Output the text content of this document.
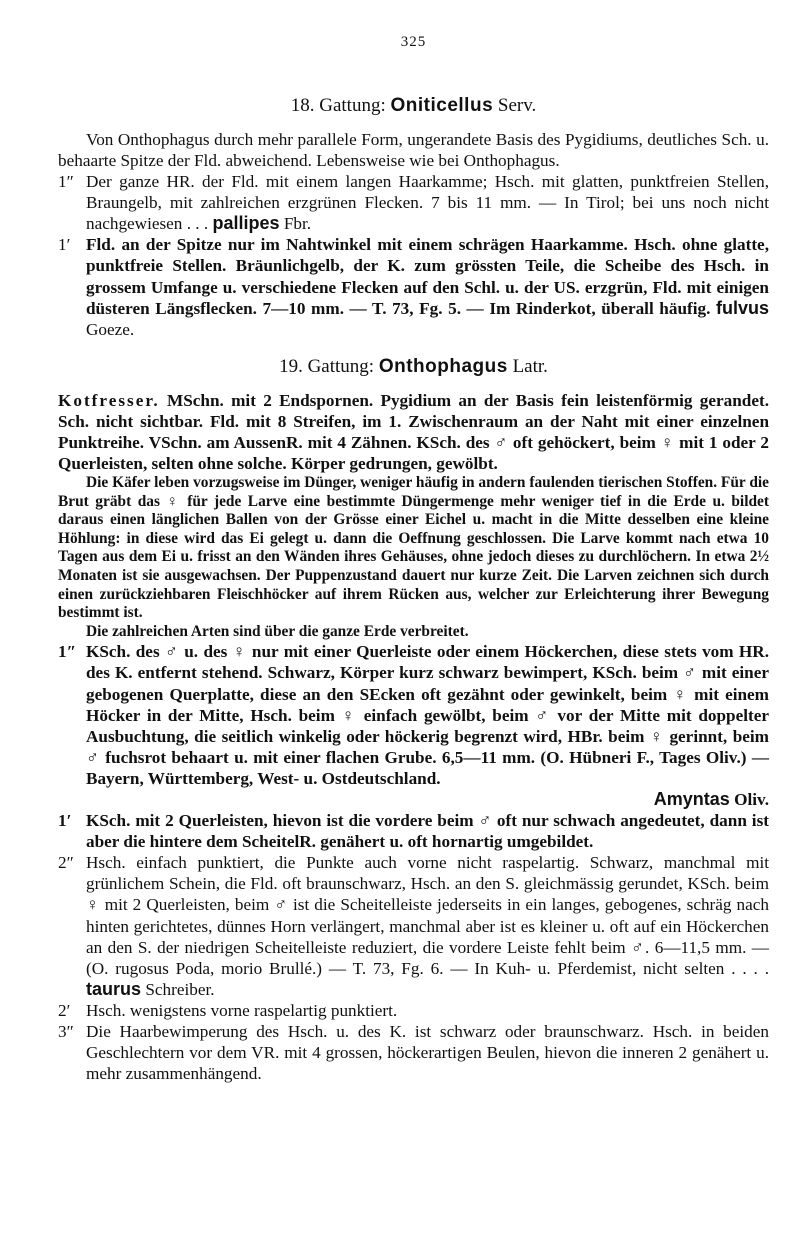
325
18. Gattung: Oniticellus Serv.

Von Onthophagus durch mehr parallele Form, ungerandete Basis des Pygidiums, deutliches Sch. u. behaarte Spitze der Fld. abweichend. Lebensweise wie bei Onthophagus.

1″ Der ganze HR. der Fld. mit einem langen Haarkamme; Hsch. mit glatten, punktfreien Stellen, Braungelb, mit zahlreichen erzgrünen Flecken. 7 bis 11 mm. — In Tirol; bei uns noch nicht nachgewiesen . . . pallipes Fbr.
1′ Fld. an der Spitze nur im Nahtwinkel mit einem schrägen Haarkamme. Hsch. ohne glatte, punktfreie Stellen. Bräunlichgelb, der K. zum grössten Teile, die Scheibe des Hsch. in grossem Umfange u. verschiedene Flecken auf den Schl. u. der US. erzgrün, Fld. mit einigen düsteren Längsflecken. 7—10 mm. — T. 73, Fg. 5. — Im Rinderkot, überall häufig. fulvus Goeze.
19. Gattung: Onthophagus Latr.

Kotfresser. MSchn. mit 2 Endspornen. Pygidium an der Basis fein leistenförmig gerandet. Sch. nicht sichtbar. Fld. mit 8 Streifen, im 1. Zwischenraum an der Naht mit einer einzelnen Punktreihe. VSchn. am AussenR. mit 4 Zähnen. KSch. des ♂ oft gehöckert, beim ♀ mit 1 oder 2 Querleisten, selten ohne solche. Körper gedrungen, gewölbt.

Die Käfer leben vorzugsweise im Dünger, weniger häufig in andern faulenden tierischen Stoffen. Für die Brut gräbt das ♀ für jede Larve eine bestimmte Düngermenge mehr weniger tief in die Erde u. bildet daraus einen länglichen Ballen von der Grösse einer Eichel u. macht in die Mitte desselben eine kleine Höhlung: in diese wird das Ei gelegt u. dann die Oeffnung geschlossen. Die Larve kommt nach etwa 10 Tagen aus dem Ei u. frisst an den Wänden ihres Gehäuses, ohne jedoch dieses zu durchlöchern. In etwa 2½ Monaten ist sie ausgewachsen. Der Puppenzustand dauert nur kurze Zeit. Die Larven zeichnen sich durch einen zurückziehbaren Fleischhöcker auf ihrem Rücken aus, welcher zur Erleichterung ihrer Bewegung bestimmt ist.

Die zahlreichen Arten sind über die ganze Erde verbreitet.

1″ KSch. des ♂ u. des ♀ nur mit einer Querleiste oder einem Höckerchen, diese stets vom HR. des K. entfernt stehend. Schwarz, Körper kurz schwarz bewimpert, KSch. beim ♂ mit einer gebogenen Querplatte, diese an den SEcken oft gezähnt oder gewinkelt, beim ♀ mit einem Höcker in der Mitte, Hsch. beim ♀ einfach gewölbt, beim ♂ vor der Mitte mit doppelter Ausbuchtung, die seitlich winkelig oder höckerig begrenzt wird, HBr. beim ♀ gerinnt, beim ♂ fuchsrot behaart u. mit einer flachen Grube. 6,5—11 mm. (O. Hübneri F., Tages Oliv.) — Bayern, Württemberg, West- u. Ostdeutschland.
Amyntas Oliv.
1′ KSch. mit 2 Querleisten, hievon ist die vordere beim ♂ oft nur schwach angedeutet, dann ist aber die hintere dem ScheitelR. genähert u. oft hornartig umgebildet.
2″ Hsch. einfach punktiert, die Punkte auch vorne nicht raspelartig. Schwarz, manchmal mit grünlichem Schein, die Fld. oft braunschwarz, Hsch. an den S. gleichmässig gerundet, KSch. beim ♀ mit 2 Querleisten, beim ♂ ist die Scheitelleiste jederseits in ein langes, gebogenes, schräg nach hinten gerichtetes, dünnes Horn verlängert, manchmal aber ist es kleiner u. oft auf ein Höckerchen an den S. der niedrigen Scheitelleiste reduziert, die vordere Leiste fehlt beim ♂. 6—11,5 mm. — (O. rugosus Poda, morio Brullé.) — T. 73, Fg. 6. — In Kuh- u. Pferdemist, nicht selten . . . . taurus Schreiber.
2′ Hsch. wenigstens vorne raspelartig punktiert.
3″ Die Haarbewimperung des Hsch. u. des K. ist schwarz oder braunschwarz. Hsch. in beiden Geschlechtern vor dem VR. mit 4 grossen, höckerartigen Beulen, hievon die inneren 2 genähert u. mehr zusammenhängend.
